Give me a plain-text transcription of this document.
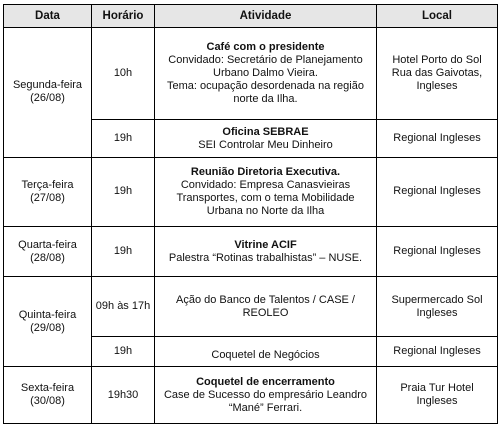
Data	Horário	Atividade	Local

Segunda-feira
(26/08)	10h	Café com o presidente
Convidado: Secretário de Planejamento
Urbano Dalmo Vieira.
Tema: ocupação desordenada na região
norte da Ilha.	Hotel Porto do Sol
Rua das Gaivotas,
Ingleses

	19h	Oficina SEBRAE
SEI Controlar Meu Dinheiro	Regional Ingleses

Terça-feira
(27/08)	19h	Reunião Diretoria Executiva.
Convidado: Empresa Canasvieiras
Transportes, com o tema Mobilidade
Urbana no Norte da Ilha	Regional Ingleses

Quarta-feira
(28/08)	19h	Vitrine ACIF
Palestra “Rotinas trabalhistas” – NUSE.	Regional Ingleses

Quinta-feira
(29/08)	09h às 17h	Ação do Banco de Talentos / CASE /
REOLEO	Supermercado Sol
Ingleses

	19h	Coquetel de Negócios	Regional Ingleses

Sexta-feira
(30/08)	19h30	Coquetel de encerramento
Case de Sucesso do empresário Leandro
“Mané” Ferrari.	Praia Tur Hotel
Ingleses
